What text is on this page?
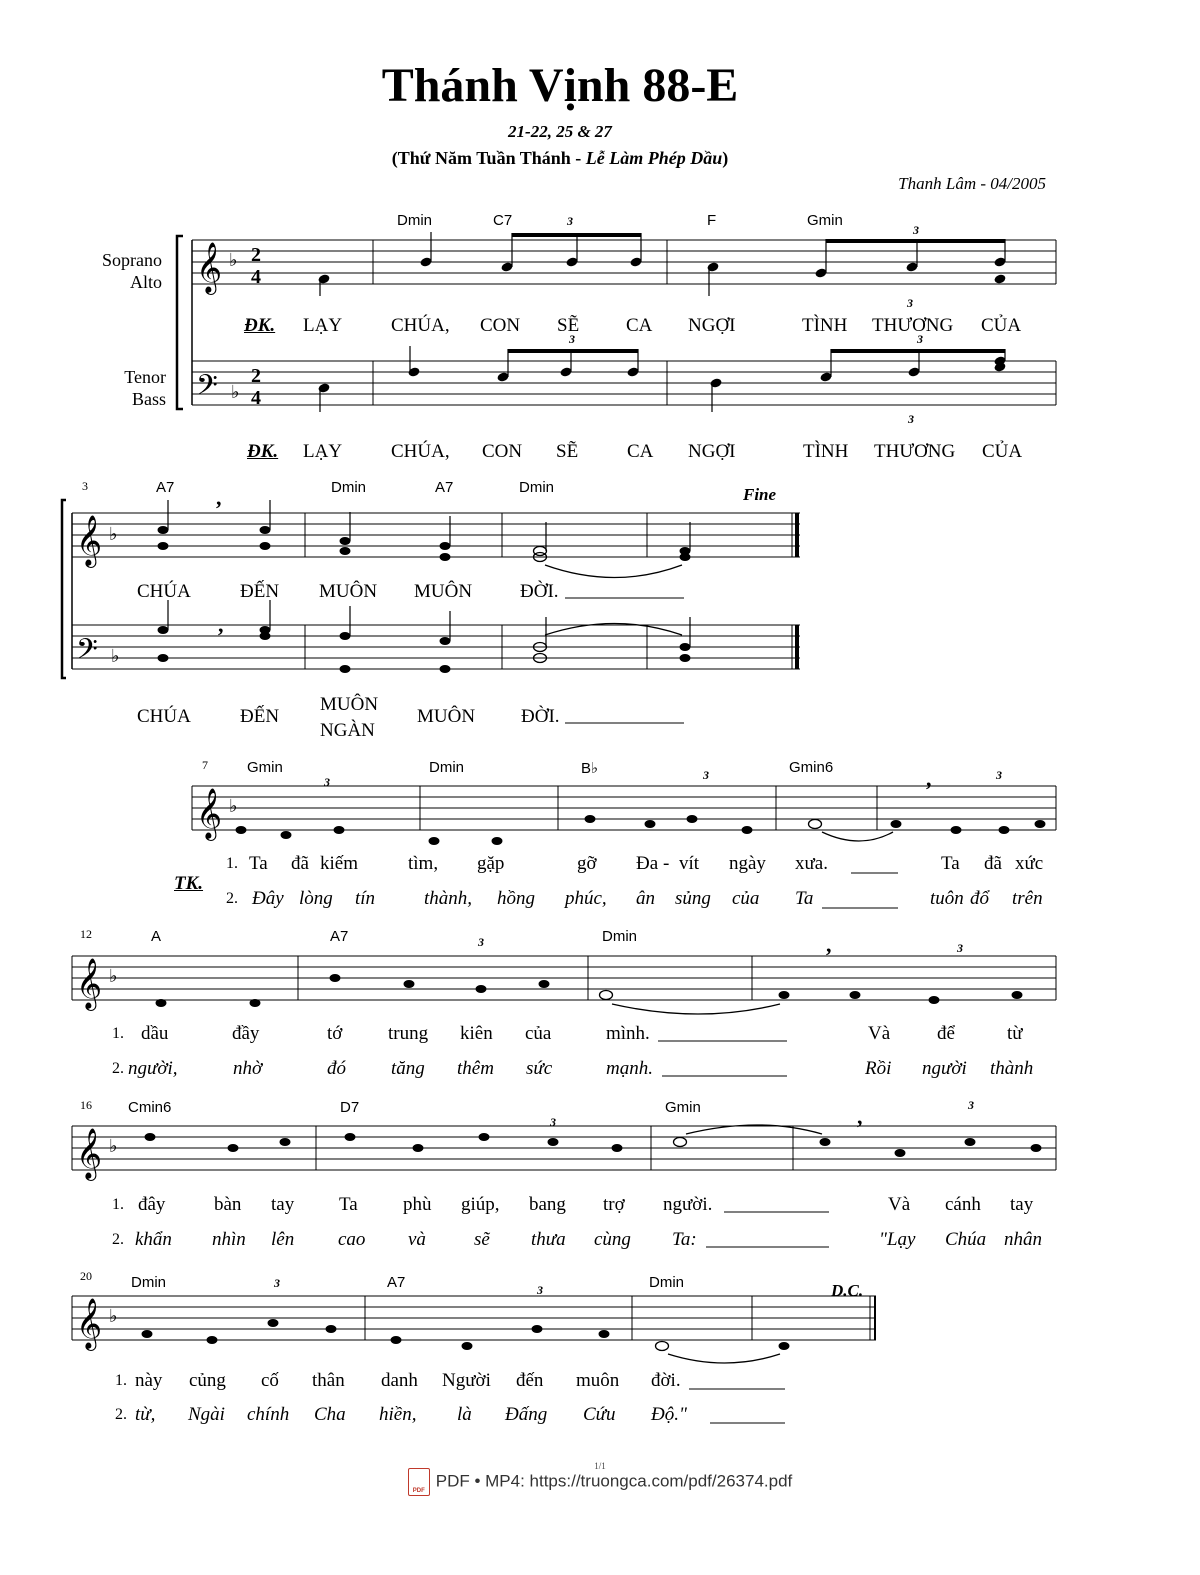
Thánh Vịnh 88-E
21-22, 25 & 27
(Thứ Năm Tuần Thánh - Lễ Làm Phép Dầu)
Thanh Lâm - 04/2005
Soprano
Alto
Tenor
Bass
𝄞
𝄢
𝄞
𝄢
𝄞
𝄞
𝄞
𝄞
♭
♭
♭
♭
♭
♭
♭
♭
2
4
2
4
3
3
3
3	3
3
3	3	3
3	3
3
3
3	3
,
,
,
,
,
3
7
12
16
20
Fine
D.C.
Dmin	C7	F	Gmin
A7	Dmin	A7	Dmin
Gmin	Dmin	B♭	Gmin6
A	A7	Dmin
Cmin6	D7	Gmin
Dmin	A7	Dmin
ĐK. LẠY	CHÚA, CON SẼ CA NGỢI	TÌNH THƯƠNG CỦA
ĐK. LẠY	CHÚA, CON SẼ	CA NGỢI	TÌNH THƯƠNG CỦA
CHÚA	ĐẾN MUÔN MUÔN	ĐỜI.
CHÚA	ĐẾN
MUÔN
NGÀN
MUÔN ĐỜI.
TK.
1. Ta đã kiếm	tìm, gặp	gỡ Đa - vít ngày xưa.	Ta đã xức
2. Đây lòng tín	thành, hồng phúc, ân sủng của Ta	tuôn đổ trên
1. dầu	đầy	tớ trung kiên của	mình.	Và để	từ
2. người,	nhờ	đó tăng thêm sức	mạnh.	Rồi người thành
1. đây	bàn tay Ta phù giúp, bang trợ người.	Và cánh tay
2. khẩn nhìn lên cao và	sẽ thưa cùng Ta:	"Lạy Chúa nhân
1. này củng cố thân danh Người đến muôn đời.
2. từ, Ngài chính Cha hiền, là Đấng Cứu Độ."
1/1
PDFPDF • MP4: https://truongca.com/pdf/26374.pdf
